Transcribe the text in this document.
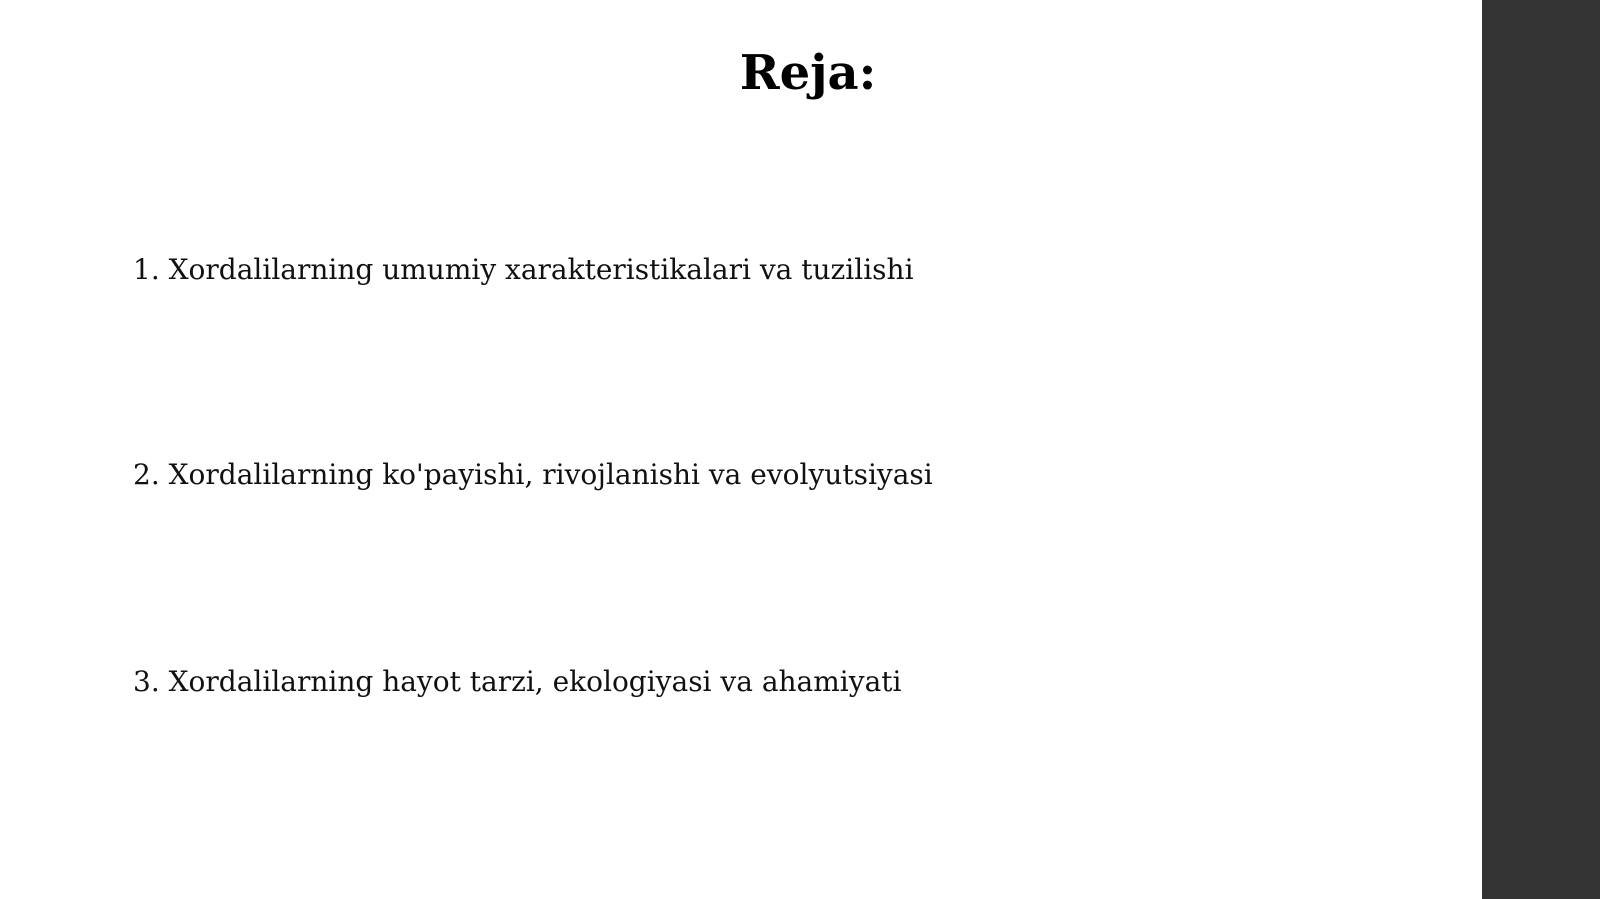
Reja:

1. Xordalilarning umumiy xarakteristikalari va tuzilishi

2. Xordalilarning ko'payishi, rivojlanishi va evolyutsiyasi

3. Xordalilarning hayot tarzi, ekologiyasi va ahamiyati
